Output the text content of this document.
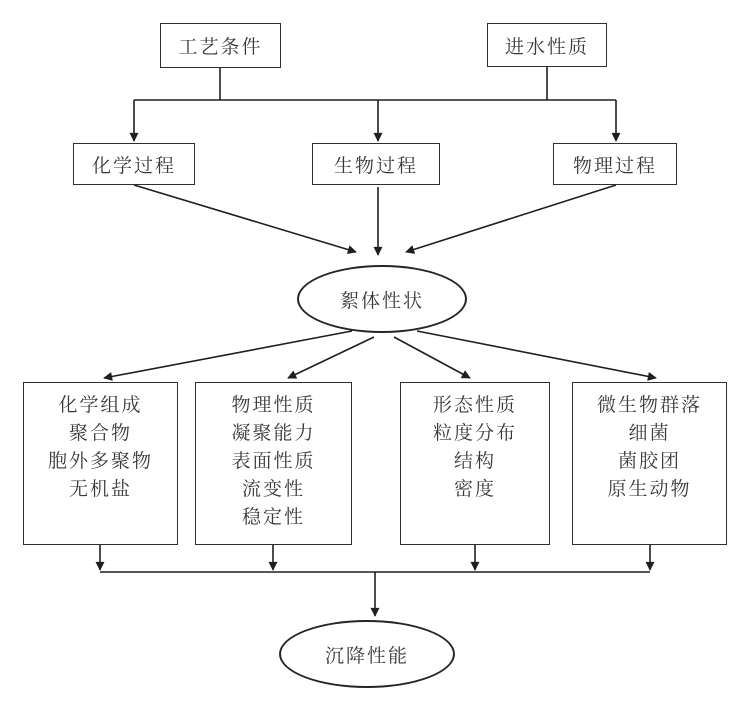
工艺条件	进水性质
化学过程	生物过程	物理过程
絮体性状
化学组成
聚合物
胞外多聚物
无机盐
物理性质
凝聚能力
表面性质
流变性
稳定性
形态性质
粒度分布
结构
密度
微生物群落
细菌
菌胶团
原生动物
沉降性能
